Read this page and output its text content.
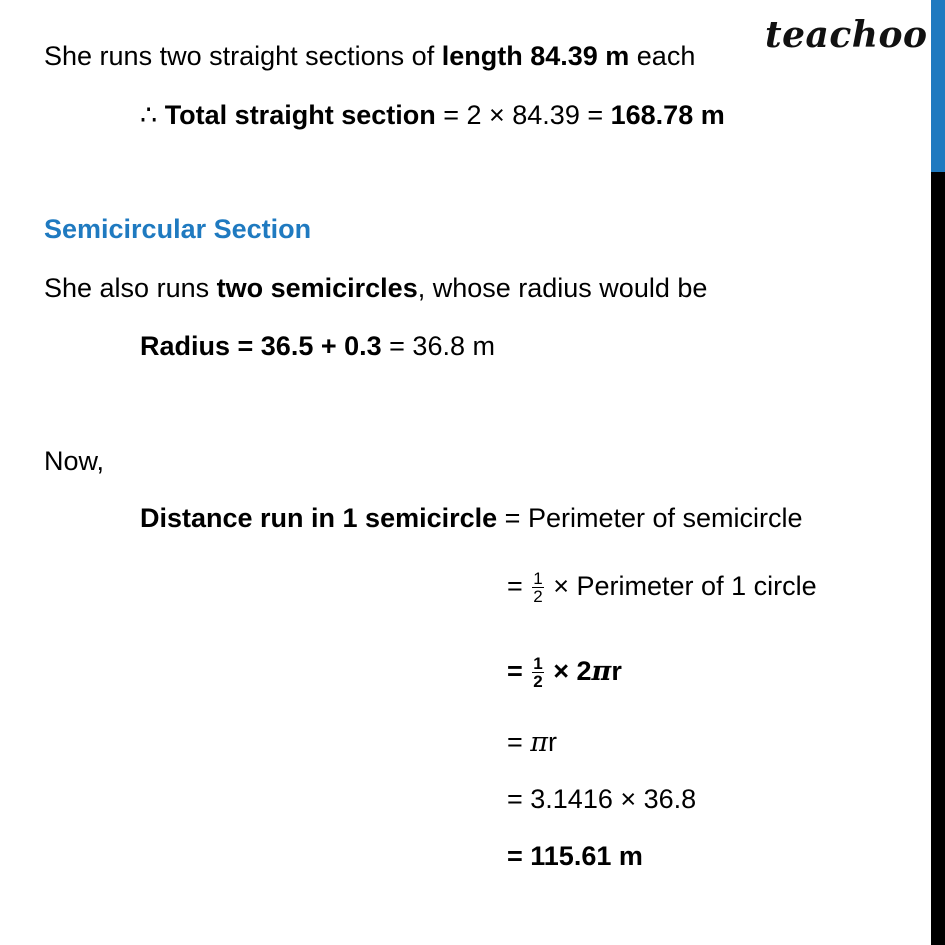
teachoo
She runs two straight sections of length 84.39 m each
∴ Total straight section = 2 × 84.39 = 168.78 m
Semicircular Section
She also runs two semicircles, whose radius would be
Radius = 36.5 + 0.3 = 36.8 m
Now,
Distance run in 1 semicircle = Perimeter of semicircle
= $\frac{1}{2}$ × Perimeter of 1 circle
= $\frac{1}{2} \times 2\pi r$
= πr
= 3.1416 × 36.8
= 115.61 m
